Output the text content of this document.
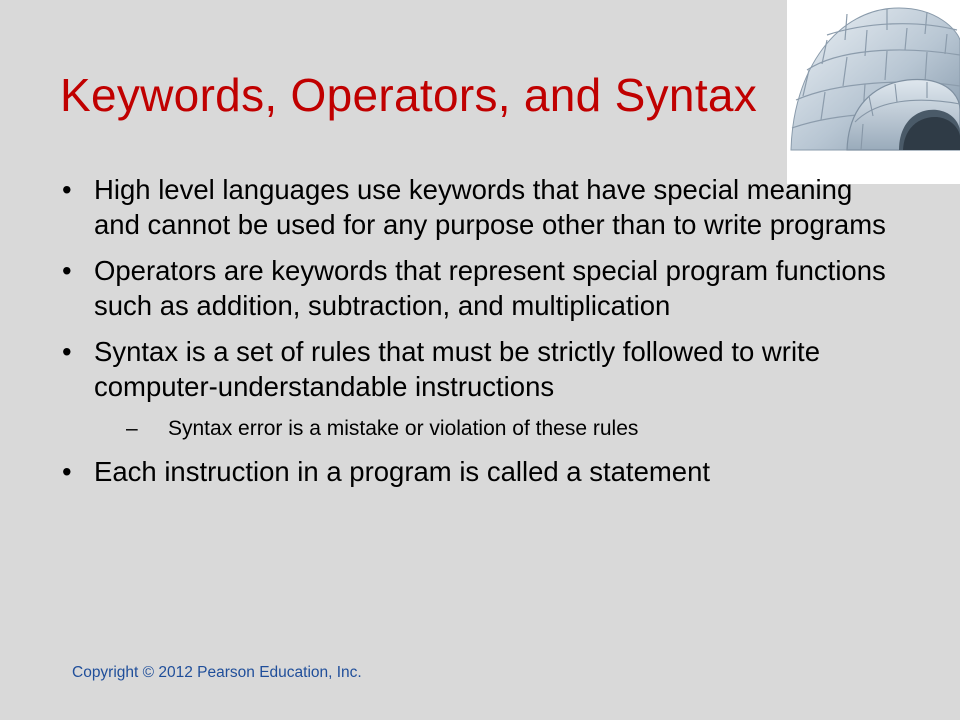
Keywords, Operators, and Syntax
• High level languages use keywords that have special meaning and cannot be used for any purpose other than to write programs
• Operators are keywords that represent special program functions such as addition, subtraction, and multiplication
• Syntax is a set of rules that must be strictly followed to write computer-understandable instructions
– Syntax error is a mistake or violation of these rules
• Each instruction in a program is called a statement
Copyright © 2012 Pearson Education, Inc.
